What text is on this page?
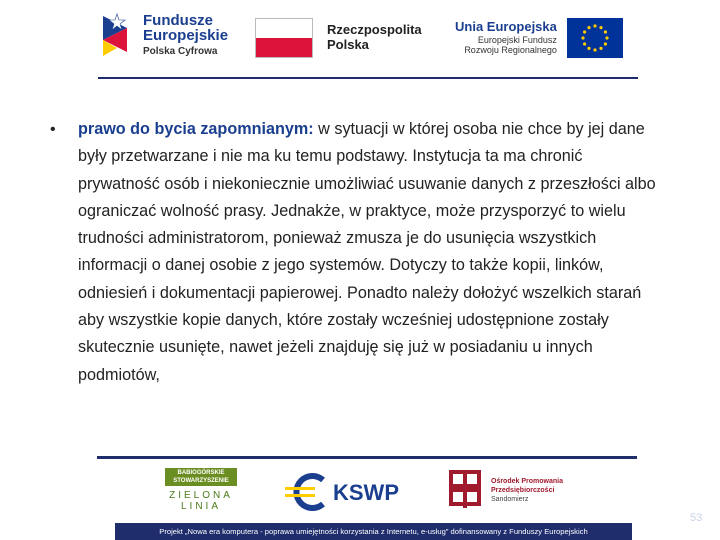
Fundusze
Europejskie
Polska Cyfrowa
Rzeczpospolita
Polska
Unia Europejska
Europejski Fundusz
Rozwoju Regionalnego
• prawo do bycia zapomnianym: w sytuacji w której osoba nie chce by jej dane były przetwarzane i nie ma ku temu podstawy. Instytucja ta ma chronić prywatność osób i niekoniecznie umożliwiać usuwanie danych z przeszłości albo ograniczać wolność prasy. Jednakże, w praktyce, może przysporzyć to wielu trudności administratorom, ponieważ zmusza je do usunięcia wszystkich informacji o danej osobie z jego systemów. Dotyczy to także kopii, linków, odniesień i dokumentacji papierowej. Ponadto należy dołożyć wszelkich starań aby wszystkie kopie danych, które zostały wcześniej udostępnione zostały skutecznie usunięte, nawet jeżeli znajduję się już w posiadaniu u innych podmiotów,
BABIOGÓRSKIE
STOWARZYSZENIE
ZIELONA
LINIA
KSWP	Ośrodek Promowania
Przedsiębiorczości
Sandomierz
Projekt „Nowa era komputera - poprawa umiejętności korzystania z Internetu, e-usług” dofinansowany z Funduszy Europejskich
53
